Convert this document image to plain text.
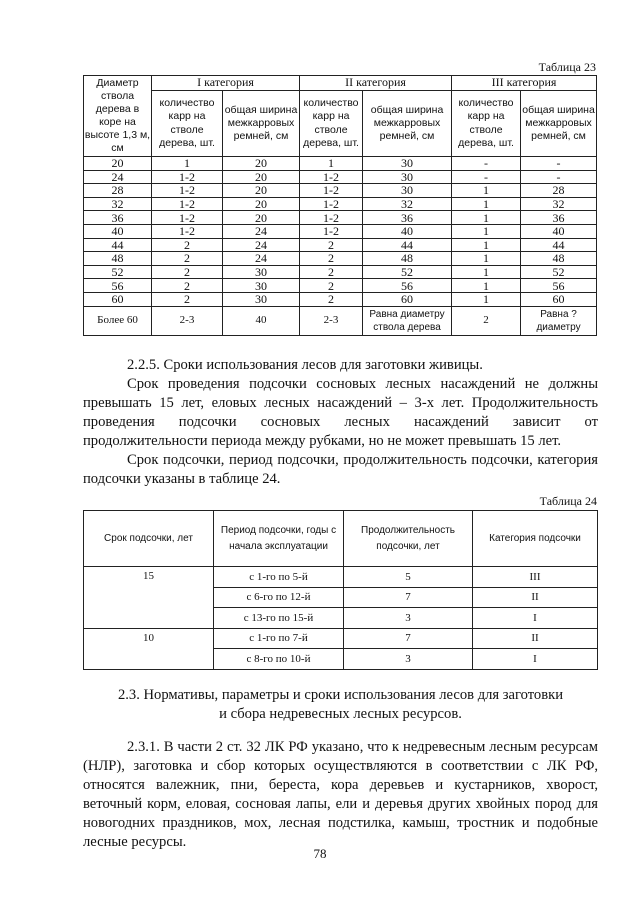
Таблица 23
Диаметр ствола дерева в коре на высоте 1,3 м, см	I категория		II категория		III категория	
	количество карр на стволе дерева, шт.	общая ширина межкарровых ремней, см	количество карр на стволе дерева, шт.	общая ширина межкарровых ремней, см	количество карр на стволе дерева, шт.	общая ширина межкарровых ремней, см
20	1	20	1	30	-	-
24	1-2	20	1-2	30	-	-
28	1-2	20	1-2	30	1	28
32	1-2	20	1-2	32	1	32
36	1-2	20	1-2	36	1	36
40	1-2	24	1-2	40	1	40
44	2	24	2	44	1	44
48	2	24	2	48	1	48
52	2	30	2	52	1	52
56	2	30	2	56	1	56
60	2	30	2	60	1	60
Более 60	2-3	40	2-3	Равна диаметру ствола дерева	2	Равна ? диаметру

2.2.5. Сроки использования лесов для заготовки живицы.

Срок проведения подсочки сосновых лесных насаждений не должны превышать 15 лет, еловых лесных насаждений – 3-х лет. Продолжительность проведения подсочки сосновых лесных насаждений зависит от продолжительности периода между рубками, но не может превышать 15 лет.

Срок подсочки, период подсочки, продолжительность подсочки, категория подсочки указаны в таблице 24.

Таблица 24
Срок подсочки, лет	Период подсочки, годы с начала эксплуатации	Продолжительность подсочки, лет	Категория подсочки
15	с 1-го по 5-й	5	III
	с 6-го по 12-й	7	II
	с 13-го по 15-й	3	I
10	с 1-го по 7-й	7	II
	с 8-го по 10-й	3	I
2.3. Нормативы, параметры и сроки использования лесов для заготовки
и сбора недревесных лесных ресурсов.

2.3.1. В части 2 ст. 32 ЛК РФ указано, что к недревесным лесным ресурсам (НЛР), заготовка и сбор которых осуществляются в соответствии с ЛК РФ, относятся валежник, пни, береста, кора деревьев и кустарников, хворост, веточный корм, еловая, сосновая лапы, ели и деревья других хвойных пород для новогодних праздников, мох, лесная подстилка, камыш, тростник и подобные лесные ресурсы.

78
